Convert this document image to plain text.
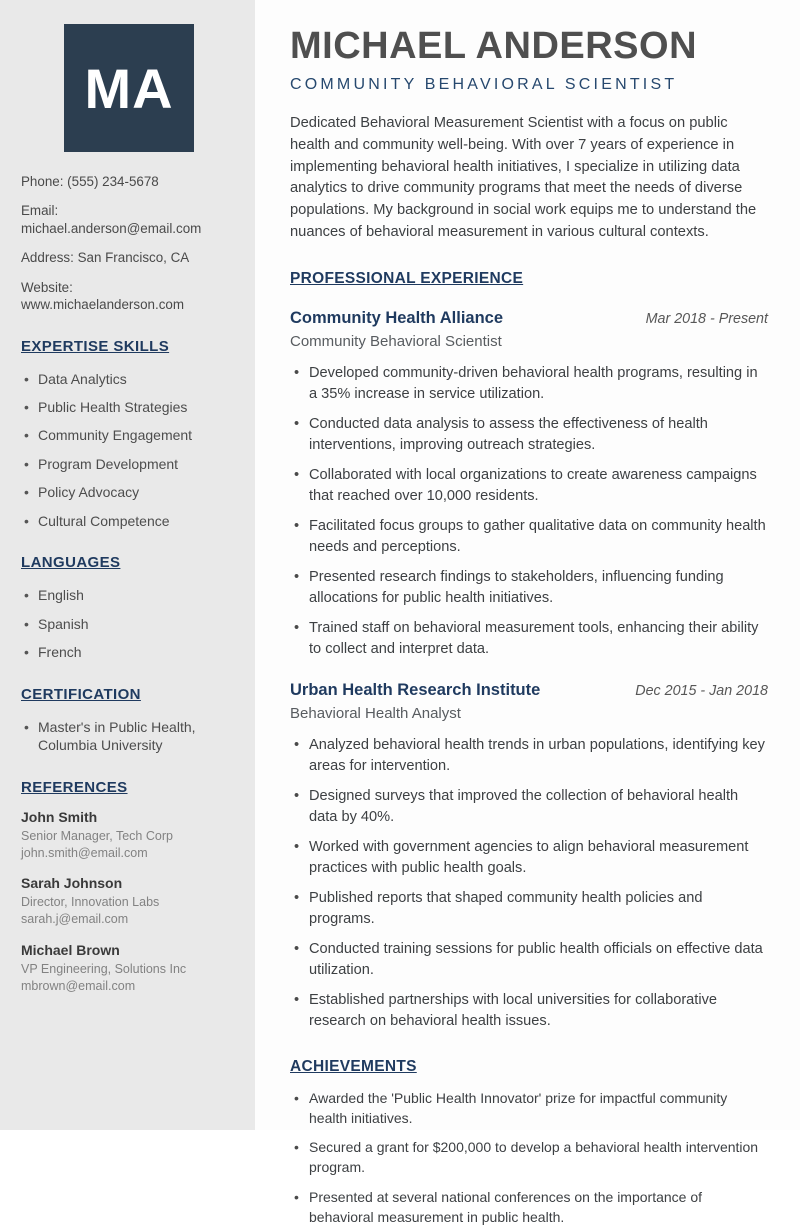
MA
Phone: (555) 234-5678
Email: michael.anderson@email.com
Address: San Francisco, CA
Website: www.michaelanderson.com
EXPERTISE SKILLS
• Data Analytics
• Public Health Strategies
• Community Engagement
• Program Development
• Policy Advocacy
• Cultural Competence
LANGUAGES
• English
• Spanish
• French
CERTIFICATION
• Master's in Public Health, Columbia University
REFERENCES
John Smith
Senior Manager, Tech Corp
john.smith@email.com
Sarah Johnson
Director, Innovation Labs
sarah.j@email.com
Michael Brown
VP Engineering, Solutions Inc
mbrown@email.com
MICHAEL ANDERSON
COMMUNITY BEHAVIORAL SCIENTIST

Dedicated Behavioral Measurement Scientist with a focus on public health and community well-being. With over 7 years of experience in implementing behavioral health initiatives, I specialize in utilizing data analytics to drive community programs that meet the needs of diverse populations. My background in social work equips me to understand the nuances of behavioral measurement in various cultural contexts.

PROFESSIONAL EXPERIENCE
Community Health Alliance	Mar 2018 - Present
Community Behavioral Scientist
• Developed community-driven behavioral health programs, resulting in a 35% increase in service utilization.
• Conducted data analysis to assess the effectiveness of health interventions, improving outreach strategies.
• Collaborated with local organizations to create awareness campaigns that reached over 10,000 residents.
• Facilitated focus groups to gather qualitative data on community health needs and perceptions.
• Presented research findings to stakeholders, influencing funding allocations for public health initiatives.
• Trained staff on behavioral measurement tools, enhancing their ability to collect and interpret data.
Urban Health Research Institute	Dec 2015 - Jan 2018
Behavioral Health Analyst
• Analyzed behavioral health trends in urban populations, identifying key areas for intervention.
• Designed surveys that improved the collection of behavioral health data by 40%.
• Worked with government agencies to align behavioral measurement practices with public health goals.
• Published reports that shaped community health policies and programs.
• Conducted training sessions for public health officials on effective data utilization.
• Established partnerships with local universities for collaborative research on behavioral health issues.
ACHIEVEMENTS
• Awarded the 'Public Health Innovator' prize for impactful community health initiatives.
• Secured a grant for $200,000 to develop a behavioral health intervention program.
• Presented at several national conferences on the importance of behavioral measurement in public health.
